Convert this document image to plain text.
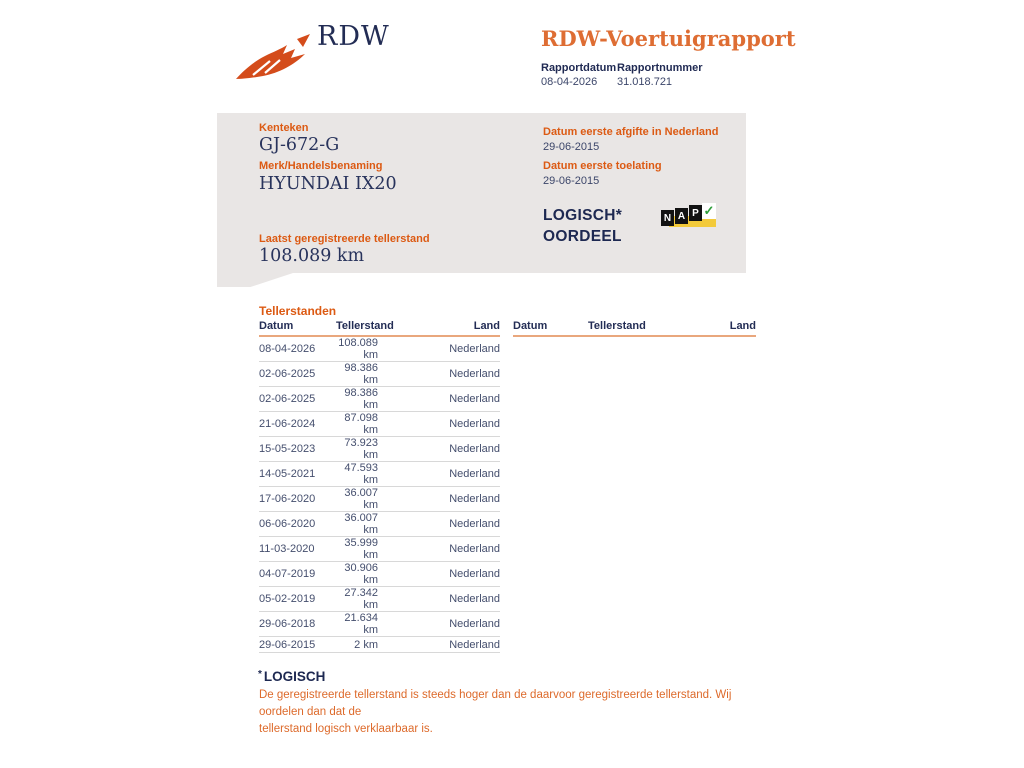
RDW	RDW-Voertuigrapport
Rapportdatum Rapportnummer
08-04-2026 31.018.721
Kenteken
GJ-672-G
Merk/Handelsbenaming
HYUNDAI IX20
Laatst geregistreerde tellerstand
108.089 km
Datum eerste afgifte in Nederland
29-06-2015
Datum eerste toelating
29-06-2015
LOGISCH*
OORDEEL
N A P ✓
Tellerstanden
Datum	Tellerstand	Land
08-04-2026	108.089 km	Nederland
02-06-2025	98.386 km	Nederland
02-06-2025	98.386 km	Nederland
21-06-2024	87.098 km	Nederland
15-05-2023	73.923 km	Nederland
14-05-2021	47.593 km	Nederland
17-06-2020	36.007 km	Nederland
06-06-2020	36.007 km	Nederland
11-03-2020	35.999 km	Nederland
04-07-2019	30.906 km	Nederland
05-02-2019	27.342 km	Nederland
29-06-2018	21.634 km	Nederland
29-06-2015	2 km	Nederland
Datum	Tellerstand	Land
* LOGISCH
De geregistreerde tellerstand is steeds hoger dan de daarvoor geregistreerde tellerstand. Wij oordelen dan dat de
tellerstand logisch verklaarbaar is.
